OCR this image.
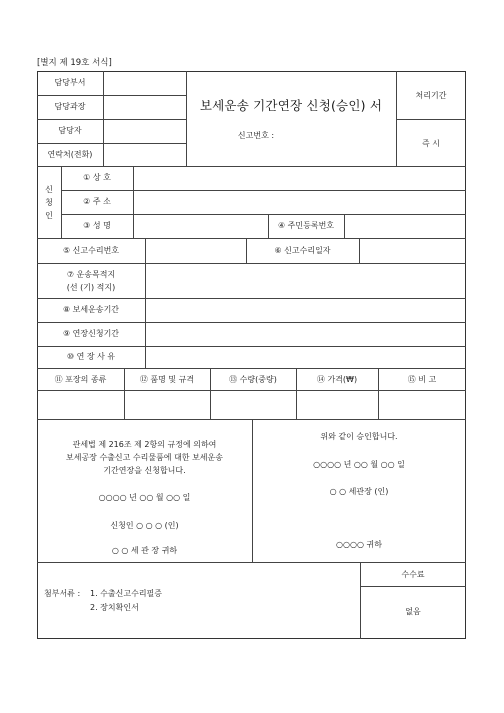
[별지 제 19호 서식]
담당부서
담당과장
담당자
연락처(전화)
보세운송 기간연장 신청(승인) 서
신고번호 :
처리기간
즉 시
신
청
인
① 상 호
② 주 소
③ 성 명	④ 주민등록번호
⑤ 신고수리번호	⑥ 신고수리일자
⑦ 운송목적지
(선 (기) 적지)
⑧ 보세운송기간
⑨ 연장신청기간
⑩ 연 장 사 유
⑪ 포장의 종류	⑫ 품명 및 규격	⑬ 수량(중량)	⑭ 가격(₩)	⑮ 비 고
관세법 제 216조 제 2항의 규정에 의하여
보세공장 수출신고 수리물품에 대한 보세운송
기간연장을 신청합니다.
○○○○ 년 ○○ 월 ○○ 일
신청인 ○ ○ ○ (인)
○ ○ 세 관 장 귀하
위와 같이 승인합니다.
○○○○ 년 ○○ 월 ○○ 일
○ ○ 세관장 (인)
○○○○ 귀하
첨부서류 : 1. 수출신고수리필증
2. 장치확인서
수수료
없음
